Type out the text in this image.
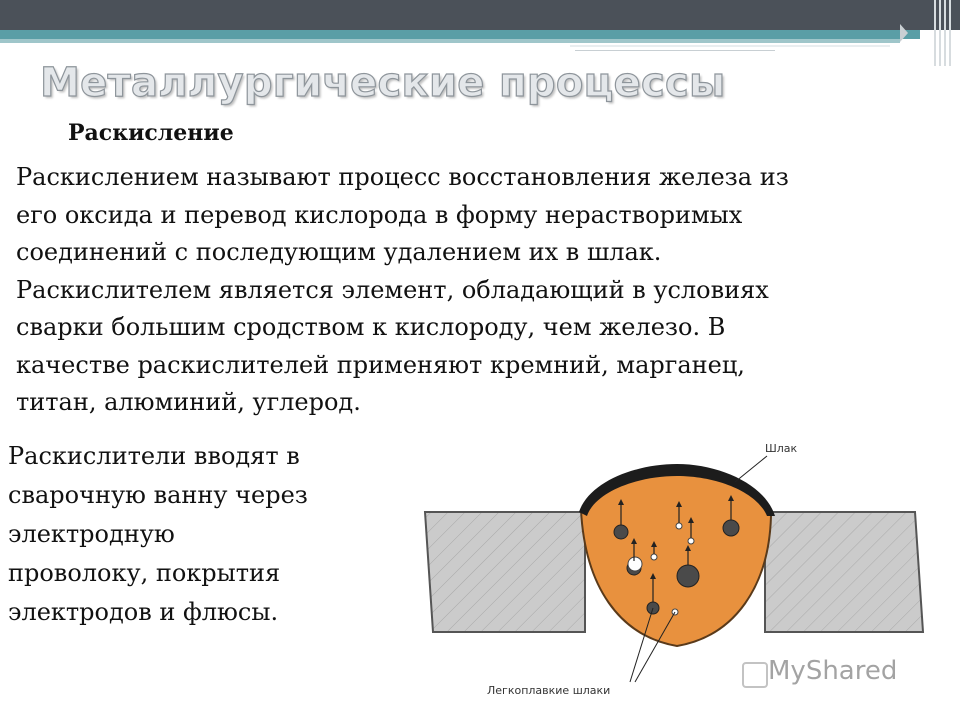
Металлургические процессы
Раскисление
Раскислением называют процесс восстановления железа из
его оксида и перевод кислорода в форму нерастворимых
соединений с последующим удалением их в шлак.
Раскислителем является элемент, обладающий в условиях
сварки большим сродством к кислороду, чем железо. В
качестве раскислителей применяют кремний, марганец,
титан, алюминий, углерод.
Раскислители вводят в
сварочную ванну через
электродную
проволоку, покрытия
электродов и флюсы.
Шлак
Легкоплавкие шлаки
MyShared
